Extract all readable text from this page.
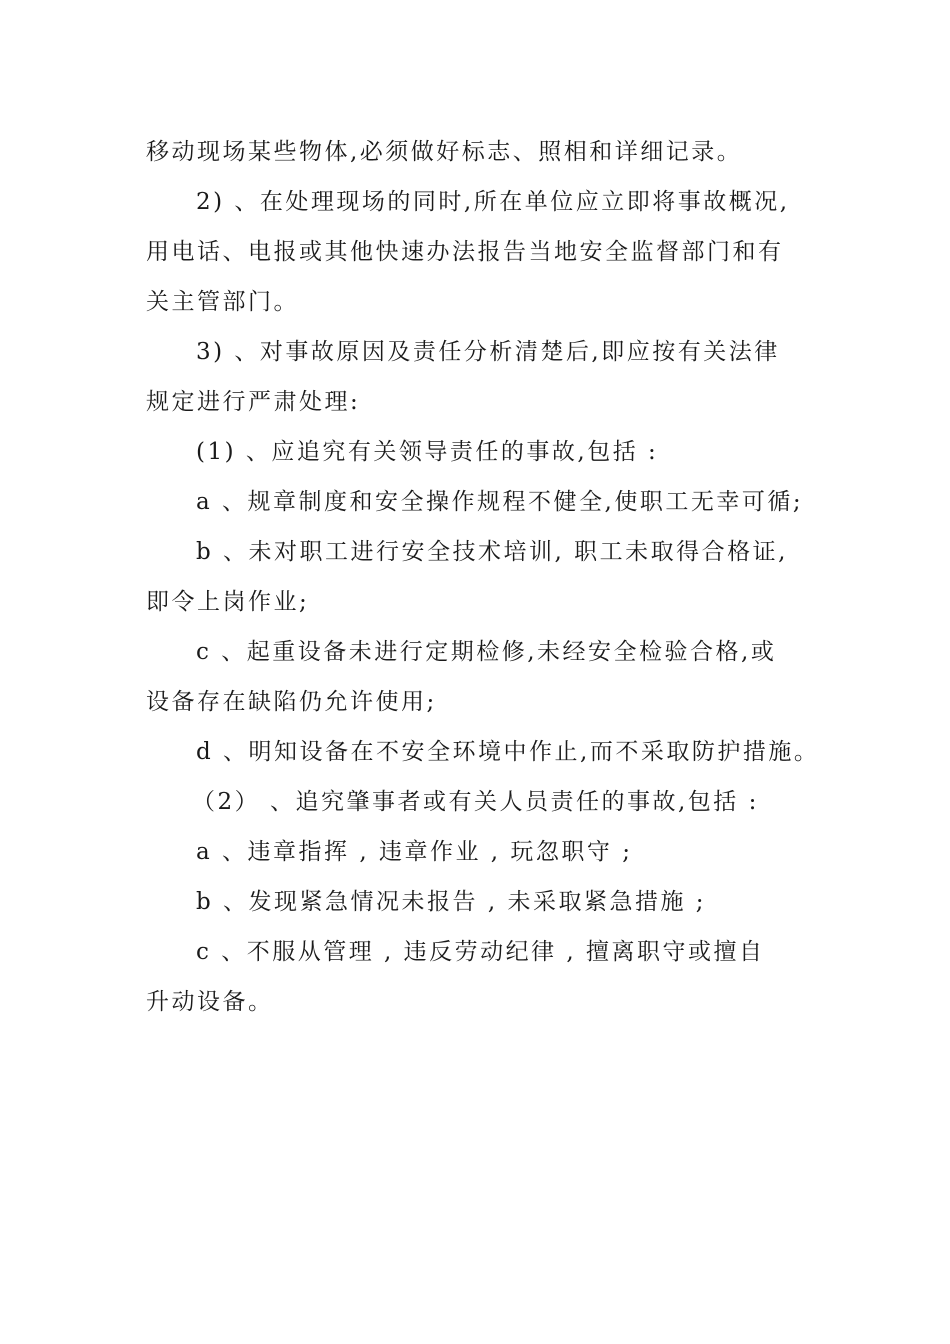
移动现场某些物体,必须做好标志、照相和详细记录。
2) 、在处理现场的同时,所在单位应立即将事故概况,
用电话、电报或其他快速办法报告当地安全监督部门和有
关主管部门。
3) 、对事故原因及责任分析清楚后,即应按有关法律
规定进行严肃处理:
(1) 、应追究有关领导责任的事故,包括 :
a 、规章制度和安全操作规程不健全,使职工无幸可循;
b 、未对职工进行安全技术培训, 职工未取得合格证,
即令上岗作业;
c 、起重设备未进行定期检修,未经安全检验合格,或
设备存在缺陷仍允许使用;
d 、明知设备在不安全环境中作止,而不采取防护措施。
（2） 、追究肇事者或有关人员责任的事故,包括 :
a 、违章指挥 , 违章作业 , 玩忽职守 ;
b 、发现紧急情况未报告 , 未采取紧急措施 ;
c 、不服从管理 , 违反劳动纪律 , 擅离职守或擅自
升动设备。
